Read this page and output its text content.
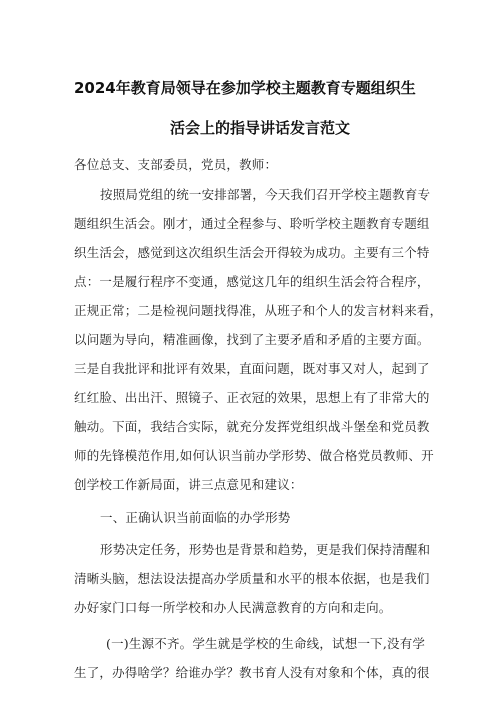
2024年教育局领导在参加学校主题教育专题组织生
活会上的指导讲话发言范文
各位总支、支部委员，党员，教师：
按照局党组的统一安排部署，今天我们召开学校主题教育专
题组织生活会。刚才，通过全程参与、聆听学校主题教育专题组
织生活会，感觉到这次组织生活会开得较为成功。主要有三个特
点：一是履行程序不变通，感觉这几年的组织生活会符合程序，
正规正常；二是检视问题找得准，从班子和个人的发言材料来看，
以问题为导向，精准画像，找到了主要矛盾和矛盾的主要方面。
三是自我批评和批评有效果，直面问题，既对事又对人，起到了
红红脸、出出汗、照镜子、正衣冠的效果，思想上有了非常大的
触动。下面，我结合实际，就充分发挥党组织战斗堡垒和党员教
师的先锋模范作用,如何认识当前办学形势、做合格党员教师、开
创学校工作新局面，讲三点意见和建议：
一、正确认识当前面临的办学形势
形势决定任务，形势也是背景和趋势，更是我们保持清醒和
清晰头脑，想法设法提高办学质量和水平的根本依据，也是我们
办好家门口每一所学校和办人民满意教育的方向和走向。
(一)生源不齐。学生就是学校的生命线，试想一下,没有学
生了，办得啥学？给谁办学？教书育人没有对象和个体，真的很
